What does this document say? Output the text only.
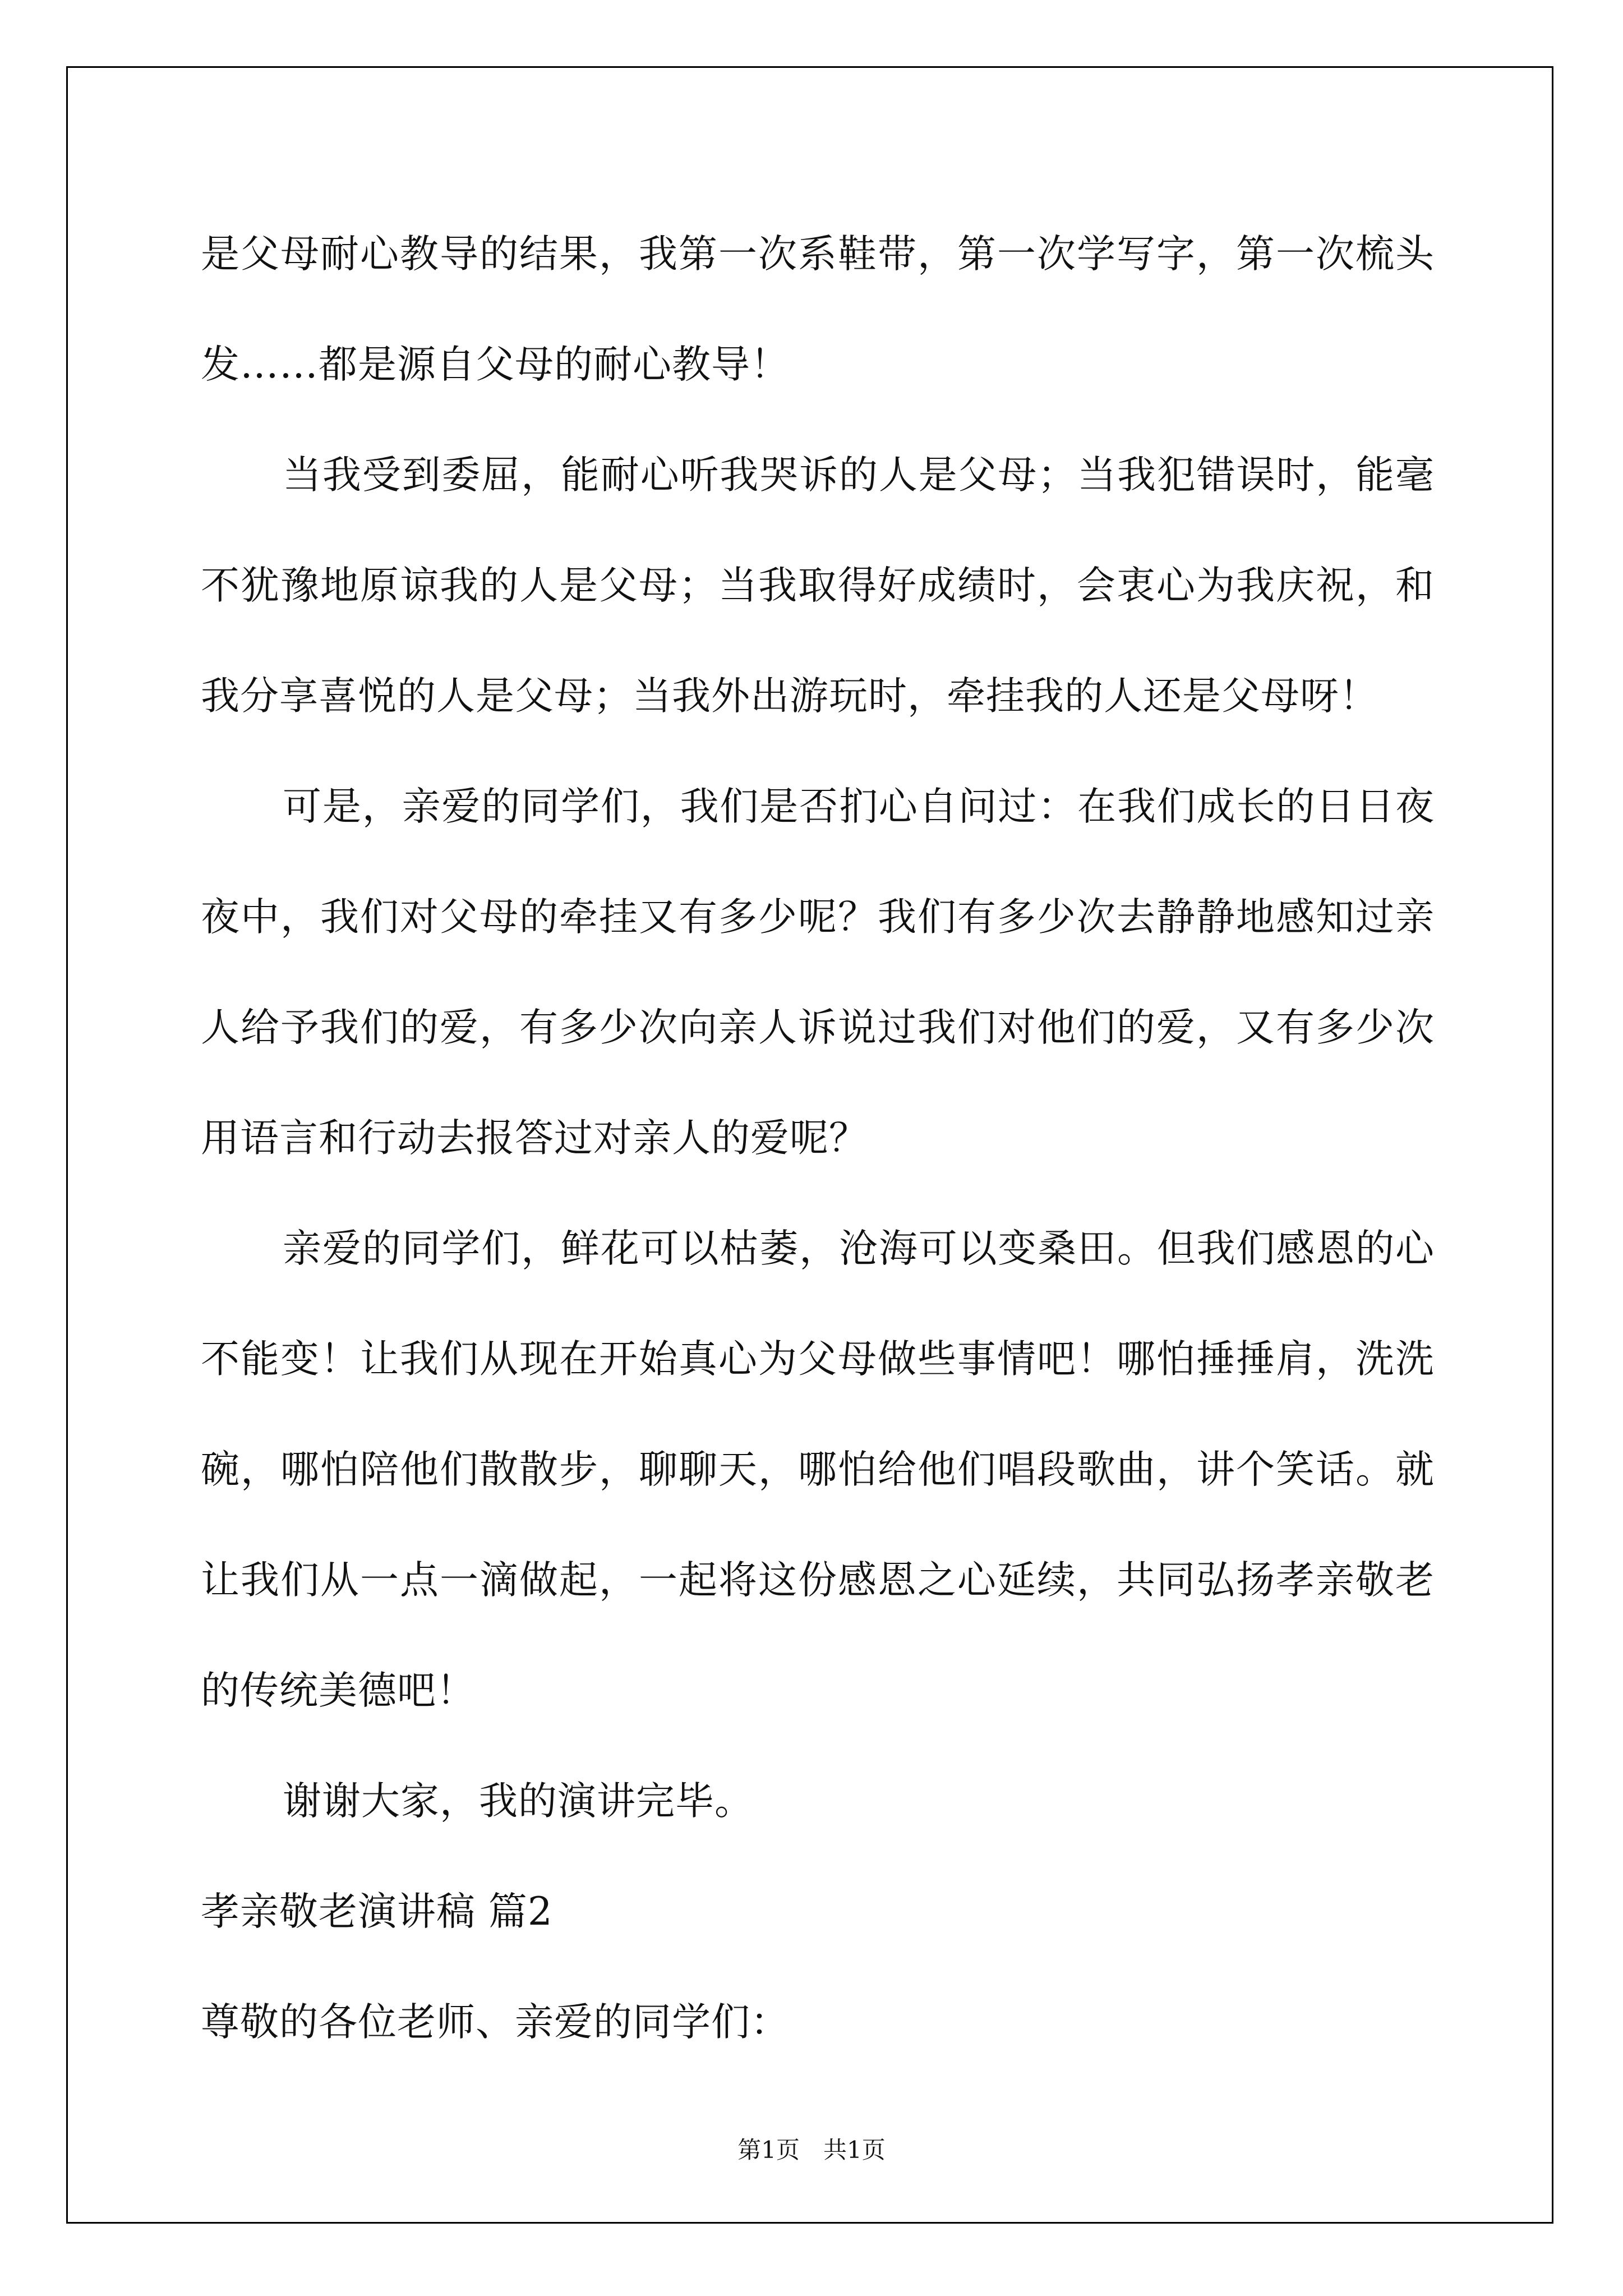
是父母耐心教导的结果，我第一次系鞋带，第一次学写字，第一次梳头发……都是源自父母的耐心教导！

当我受到委屈，能耐心听我哭诉的人是父母；当我犯错误时，能毫不犹豫地原谅我的人是父母；当我取得好成绩时，会衷心为我庆祝，和我分享喜悦的人是父母；当我外出游玩时，牵挂我的人还是父母呀！

可是，亲爱的同学们，我们是否扪心自问过：在我们成长的日日夜夜中，我们对父母的牵挂又有多少呢？我们有多少次去静静地感知过亲人给予我们的爱，有多少次向亲人诉说过我们对他们的爱，又有多少次用语言和行动去报答过对亲人的爱呢？

亲爱的同学们，鲜花可以枯萎，沧海可以变桑田。但我们感恩的心不能变！让我们从现在开始真心为父母做些事情吧！哪怕捶捶肩，洗洗碗，哪怕陪他们散散步，聊聊天，哪怕给他们唱段歌曲，讲个笑话。就让我们从一点一滴做起，一起将这份感恩之心延续，共同弘扬孝亲敬老的传统美德吧！

谢谢大家，我的演讲完毕。

孝亲敬老演讲稿 篇2

尊敬的各位老师、亲爱的同学们：

第1页　共1页
